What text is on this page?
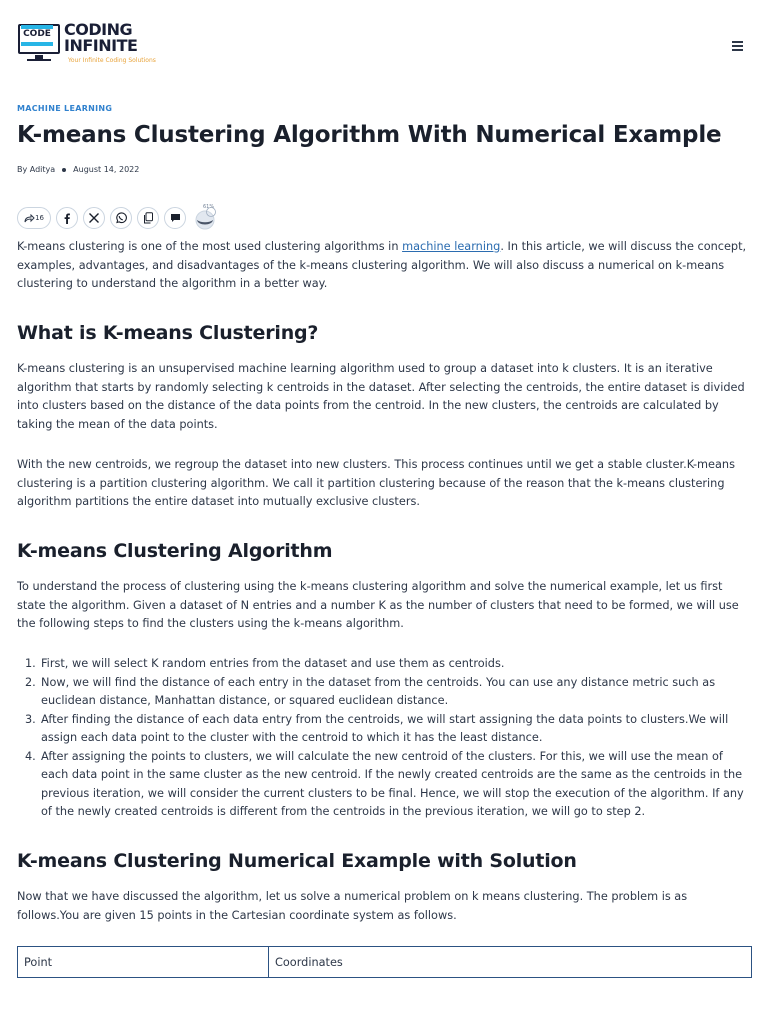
CODE CODING
INFINITE
Your Infinite Coding Solutions
MACHINE LEARNING
K-means Clustering Algorithm With Numerical Example
By Aditya August 14, 2022
16
61%

K-means clustering is one of the most used clustering algorithms in machine learning. In this article, we will discuss the concept, examples, advantages, and disadvantages of the k-means clustering algorithm. We will also discuss a numerical on k-means clustering to understand the algorithm in a better way.

What is K-means Clustering?

K-means clustering is an unsupervised machine learning algorithm used to group a dataset into k clusters. It is an iterative algorithm that starts by randomly selecting k centroids in the dataset. After selecting the centroids, the entire dataset is divided into clusters based on the distance of the data points from the centroid. In the new clusters, the centroids are calculated by taking the mean of the data points.

With the new centroids, we regroup the dataset into new clusters. This process continues until we get a stable cluster.K-means clustering is a partition clustering algorithm. We call it partition clustering because of the reason that the k-means clustering algorithm partitions the entire dataset into mutually exclusive clusters.

K-means Clustering Algorithm

To understand the process of clustering using the k-means clustering algorithm and solve the numerical example, let us first state the algorithm. Given a dataset of N entries and a number K as the number of clusters that need to be formed, we will use the following steps to find the clusters using the k-means algorithm.

1. First, we will select K random entries from the dataset and use them as centroids.
2. Now, we will find the distance of each entry in the dataset from the centroids. You can use any distance metric such as euclidean distance, Manhattan distance, or squared euclidean distance.
3. After finding the distance of each data entry from the centroids, we will start assigning the data points to clusters.We will assign each data point to the cluster with the centroid to which it has the least distance.
4. After assigning the points to clusters, we will calculate the new centroid of the clusters. For this, we will use the mean of each data point in the same cluster as the new centroid. If the newly created centroids are the same as the centroids in the previous iteration, we will consider the current clusters to be final. Hence, we will stop the execution of the algorithm. If any of the newly created centroids is different from the centroids in the previous iteration, we will go to step 2.
K-means Clustering Numerical Example with Solution

Now that we have discussed the algorithm, let us solve a numerical problem on k means clustering. The problem is as follows.You are given 15 points in the Cartesian coordinate system as follows.

Point	Coordinates
